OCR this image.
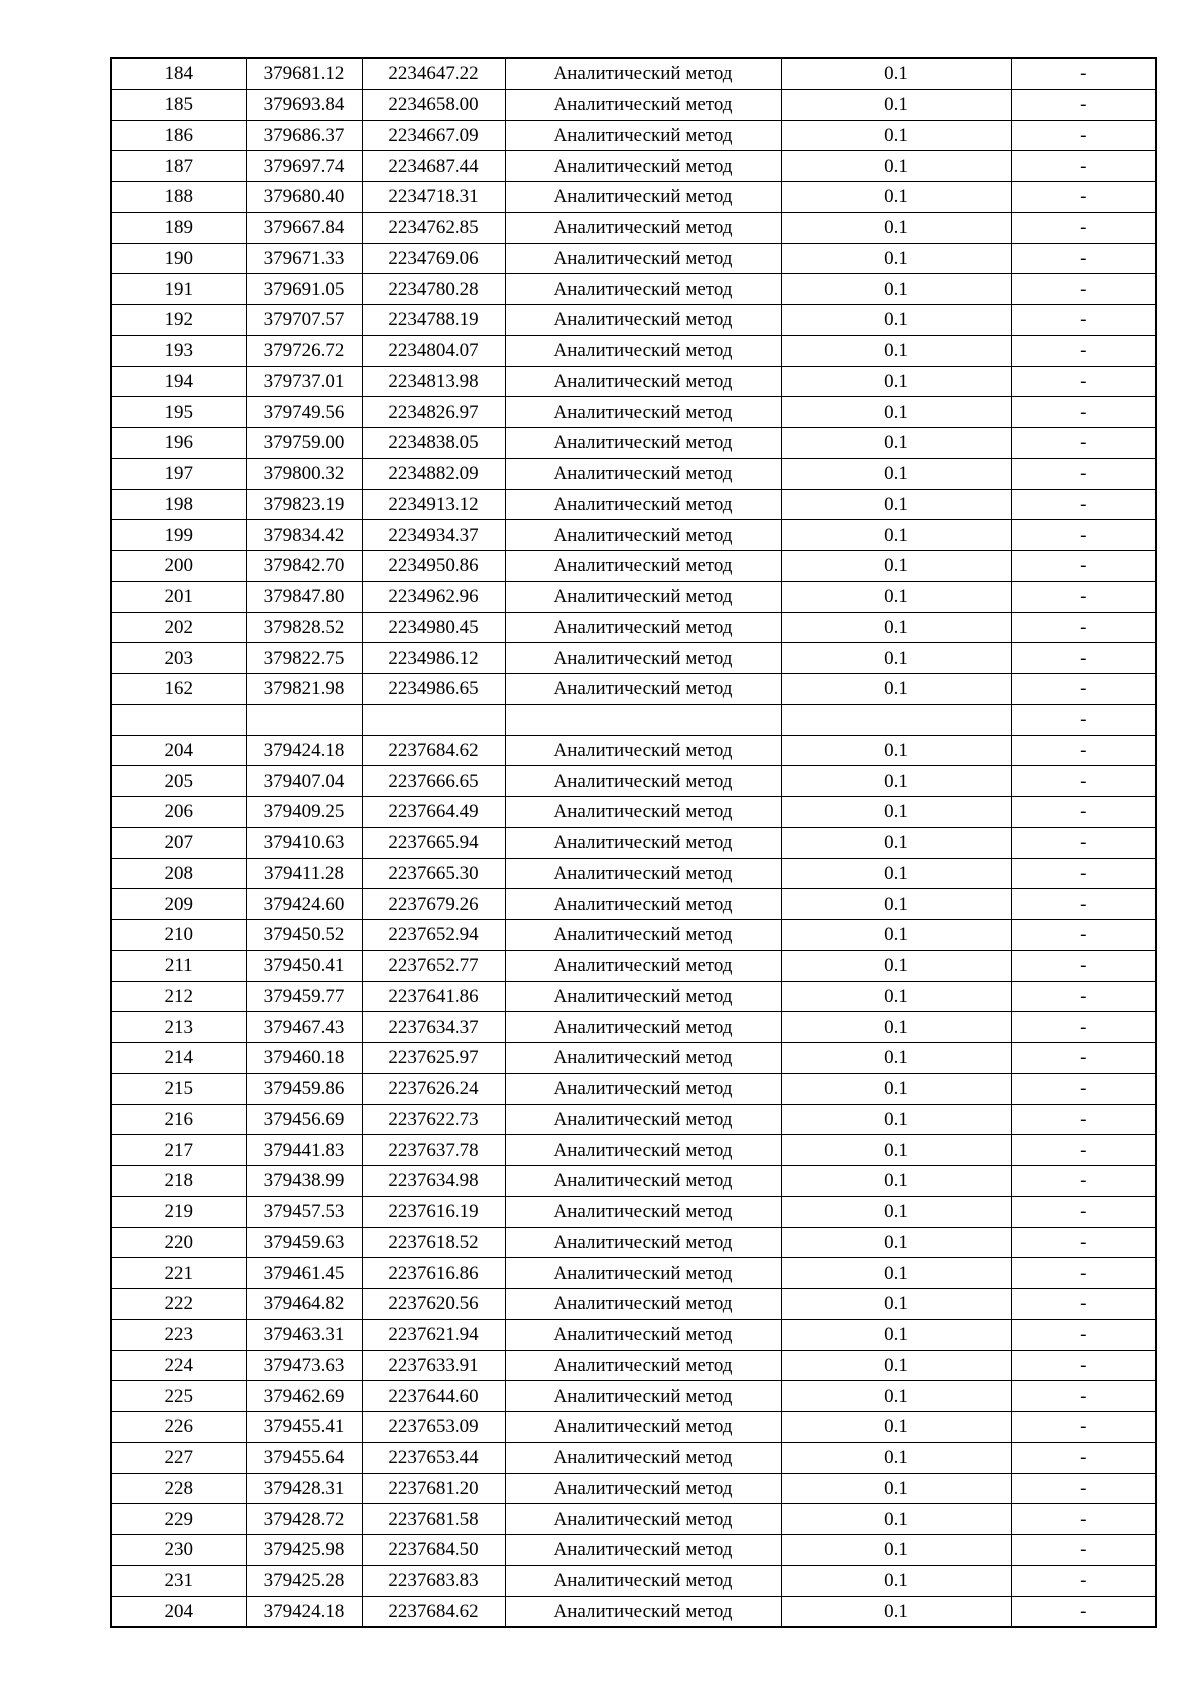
184	379681.12	2234647.22	Аналитический метод	0.1	-
185	379693.84	2234658.00	Аналитический метод	0.1	-
186	379686.37	2234667.09	Аналитический метод	0.1	-
187	379697.74	2234687.44	Аналитический метод	0.1	-
188	379680.40	2234718.31	Аналитический метод	0.1	-
189	379667.84	2234762.85	Аналитический метод	0.1	-
190	379671.33	2234769.06	Аналитический метод	0.1	-
191	379691.05	2234780.28	Аналитический метод	0.1	-
192	379707.57	2234788.19	Аналитический метод	0.1	-
193	379726.72	2234804.07	Аналитический метод	0.1	-
194	379737.01	2234813.98	Аналитический метод	0.1	-
195	379749.56	2234826.97	Аналитический метод	0.1	-
196	379759.00	2234838.05	Аналитический метод	0.1	-
197	379800.32	2234882.09	Аналитический метод	0.1	-
198	379823.19	2234913.12	Аналитический метод	0.1	-
199	379834.42	2234934.37	Аналитический метод	0.1	-
200	379842.70	2234950.86	Аналитический метод	0.1	-
201	379847.80	2234962.96	Аналитический метод	0.1	-
202	379828.52	2234980.45	Аналитический метод	0.1	-
203	379822.75	2234986.12	Аналитический метод	0.1	-
162	379821.98	2234986.65	Аналитический метод	0.1	-
					-
204	379424.18	2237684.62	Аналитический метод	0.1	-
205	379407.04	2237666.65	Аналитический метод	0.1	-
206	379409.25	2237664.49	Аналитический метод	0.1	-
207	379410.63	2237665.94	Аналитический метод	0.1	-
208	379411.28	2237665.30	Аналитический метод	0.1	-
209	379424.60	2237679.26	Аналитический метод	0.1	-
210	379450.52	2237652.94	Аналитический метод	0.1	-
211	379450.41	2237652.77	Аналитический метод	0.1	-
212	379459.77	2237641.86	Аналитический метод	0.1	-
213	379467.43	2237634.37	Аналитический метод	0.1	-
214	379460.18	2237625.97	Аналитический метод	0.1	-
215	379459.86	2237626.24	Аналитический метод	0.1	-
216	379456.69	2237622.73	Аналитический метод	0.1	-
217	379441.83	2237637.78	Аналитический метод	0.1	-
218	379438.99	2237634.98	Аналитический метод	0.1	-
219	379457.53	2237616.19	Аналитический метод	0.1	-
220	379459.63	2237618.52	Аналитический метод	0.1	-
221	379461.45	2237616.86	Аналитический метод	0.1	-
222	379464.82	2237620.56	Аналитический метод	0.1	-
223	379463.31	2237621.94	Аналитический метод	0.1	-
224	379473.63	2237633.91	Аналитический метод	0.1	-
225	379462.69	2237644.60	Аналитический метод	0.1	-
226	379455.41	2237653.09	Аналитический метод	0.1	-
227	379455.64	2237653.44	Аналитический метод	0.1	-
228	379428.31	2237681.20	Аналитический метод	0.1	-
229	379428.72	2237681.58	Аналитический метод	0.1	-
230	379425.98	2237684.50	Аналитический метод	0.1	-
231	379425.28	2237683.83	Аналитический метод	0.1	-
204	379424.18	2237684.62	Аналитический метод	0.1	-
